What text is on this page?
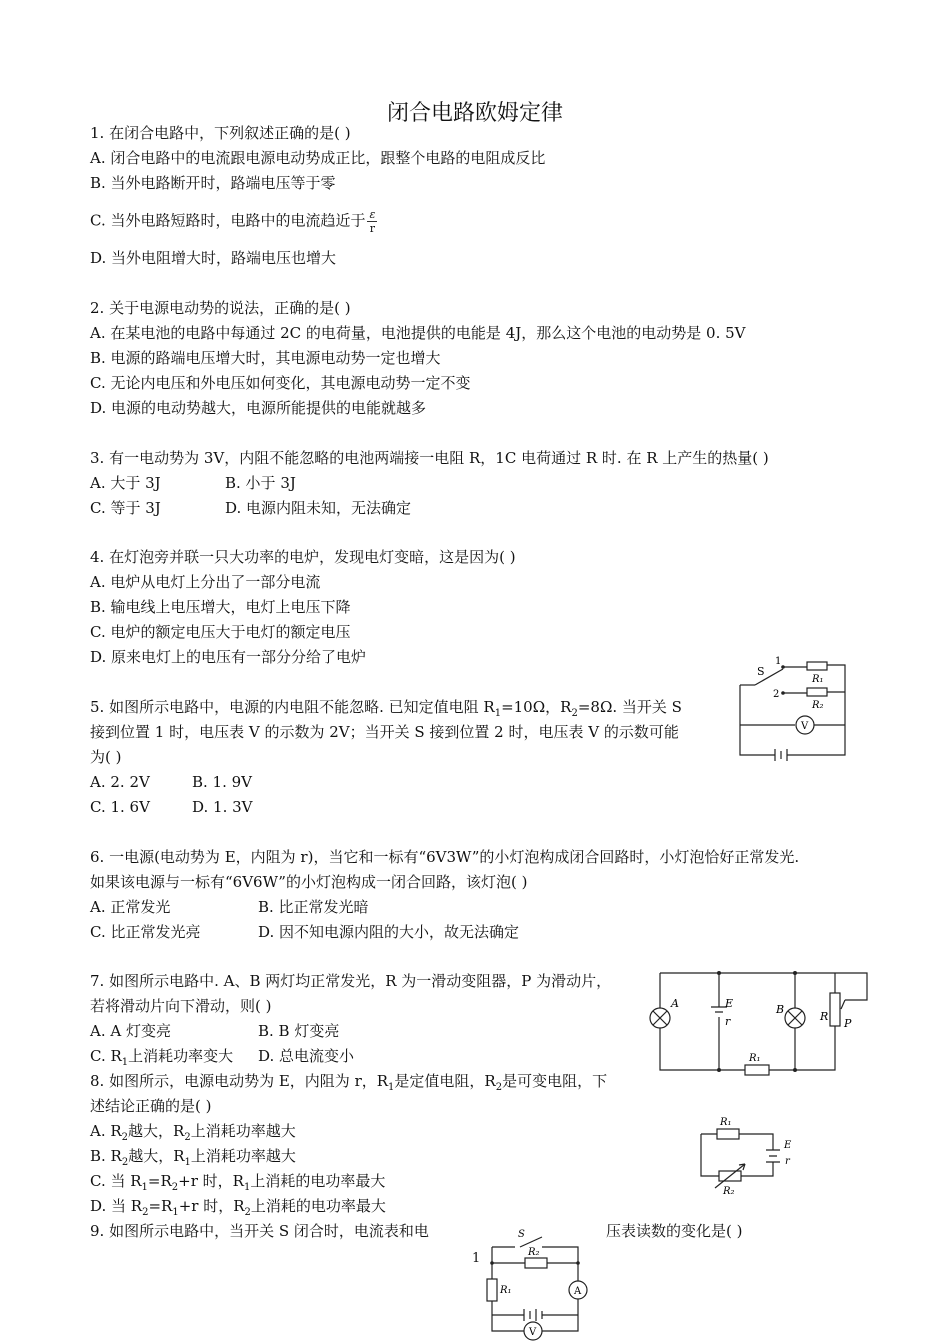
闭合电路欧姆定律
1. 在闭合电路中，下列叙述正确的是( )
A. 闭合电路中的电流跟电源电动势成正比，跟整个电路的电阻成反比
B. 当外电路断开时，路端电压等于零
C. 当外电路短路时，电路中的电流趋近于 $\frac{\varepsilon}{r}$
D. 当外电阻增大时，路端电压也增大
2. 关于电源电动势的说法，正确的是( )
A. 在某电池的电路中每通过 2C 的电荷量，电池提供的电能是 4J，那么这个电池的电动势是 0. 5V
B. 电源的路端电压增大时，其电源电动势一定也增大
C. 无论内电压和外电压如何变化，其电源电动势一定不变
D. 电源的电动势越大，电源所能提供的电能就越多
3. 有一电动势为 3V，内阻不能忽略的电池两端接一电阻 R，1C 电荷通过 R 时. 在 R 上产生的热量( )
A. 大于 3J	B. 小于 3J
C. 等于 3J	D. 电源内阻未知，无法确定
4. 在灯泡旁并联一只大功率的电炉，发现电灯变暗，这是因为( )
A. 电炉从电灯上分出了一部分电流
B. 输电线上电压增大，电灯上电压下降
C. 电炉的额定电压大于电灯的额定电压
D. 原来电灯上的电压有一部分分给了电炉
5. 如图所示电路中，电源的内电阻不能忽略. 已知定值电阻 $R_1=10\Omega$，$R_2=8\Omega$. 当开关 S
接到位置 1 时，电压表 V 的示数为 2V；当开关 S 接到位置 2 时，电压表 V 的示数可能
为( )
A. 2. 2V	B. 1. 9V
C. 1. 6V	D. 1. 3V
S
1
2
R₁
R₂
V
6. 一电源(电动势为 E，内阻为 r)，当它和一标有“6V3W”的小灯泡构成闭合回路时，小灯泡恰好正常发光.
如果该电源与一标有“6V6W”的小灯泡构成一闭合回路，该灯泡( )
A. 正常发光	B. 比正常发光暗
C. 比正常发光亮	D. 因不知电源内阻的大小，故无法确定
7. 如图所示电路中. A、B 两灯均正常发光，R 为一滑动变阻器，P 为滑动片，
若将滑动片向下滑动，则( )
A. A 灯变亮	B. B 灯变亮
C. $R_1$上消耗功率变大 D. 总电流变小
A	B
E
r	R
P
R₁
8. 如图所示，电源电动势为 E，内阻为 r，$R_1$是定值电阻，$R_2$是可变电阻，下
述结论正确的是( )
A. $R_2$越大，$R_2$上消耗功率越大
B. $R_2$越大，$R_1$上消耗功率越大
C. 当 $R_1=R_2+r$ 时，$R_1$上消耗的电功率最大
D. 当 $R_2=R_1+r$ 时，$R_2$上消耗的电功率最大
R₁
R₂
E
r
9. 如图所示电路中，当开关 S 闭合时，电流表和电	压表读数的变化是( )
1
S
R₂
R₁	A
V
